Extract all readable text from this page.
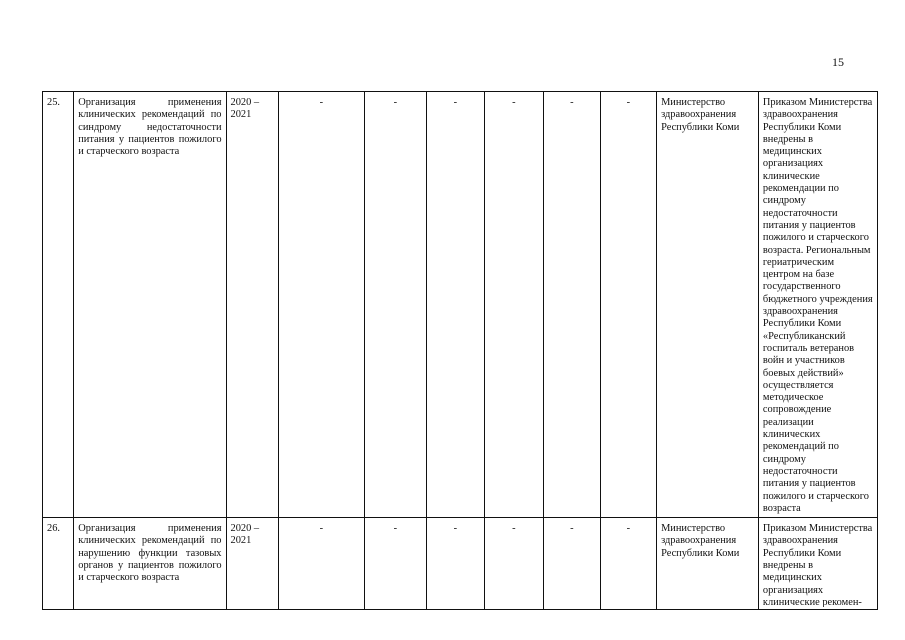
15
25.	Организация применения клинических рекомендаций по синдрому недостаточности питания у пациентов пожилого и старческого возраста	2020 – 2021	-	-	-	-	-	-	Министерство здравоохранения Республики Коми	Приказом Министерства здравоохранения Республики Коми внедрены в медицинских организациях клинические рекомендации по синдрому недостаточности питания у пациентов пожилого и старческого возраста. Региональным гериатрическим центром на базе государственного бюджетного учреждения здравоохранения Республики Коми «Республиканский госпиталь ветеранов войн и участников боевых действий» осуществляется методическое сопровождение реализации клинических рекомендаций по синдрому недостаточности питания у пациентов пожилого и старческого возраста
26.	Организация применения клинических рекомендаций по нарушению функции тазовых органов у пациентов пожилого и старческого возраста	2020 – 2021	-	-	-	-	-	-	Министерство здравоохранения Республики Коми	Приказом Министерства здравоохранения Республики Коми внедрены в медицинских организациях клинические рекомен-
